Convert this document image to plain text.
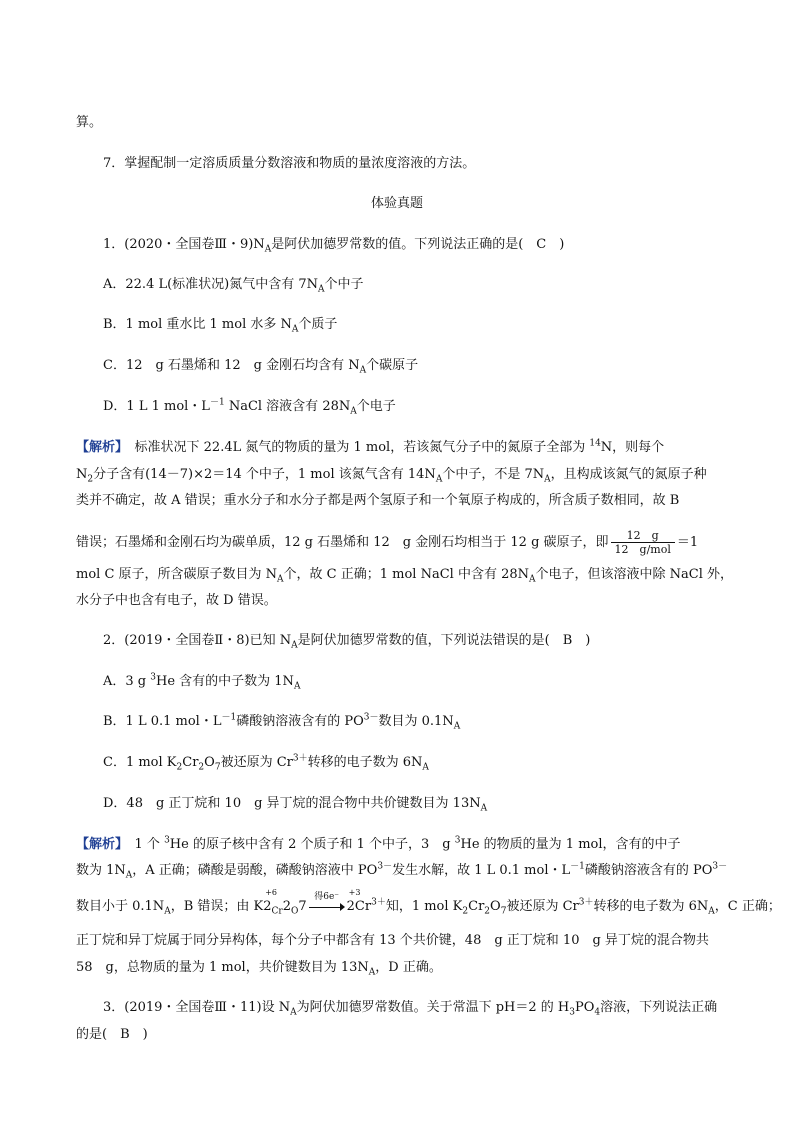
算。
7．掌握配制一定溶质质量分数溶液和物质的量浓度溶液的方法。
体验真题
1．(2020・全国卷Ⅲ・$9)N_A$是阿伏加德罗常数的值。下列说法正确的是(　C　)
A．22.4 L(标准状况)氮气中含有 $7N_A$个中子
B．1 mol 重水比 1 mol 水多 $N_A$个质子
C．12　g 石墨烯和 12　g 金刚石均含有 $N_A$个碳原子
D．1 L 1 mol・$L^{-1}$ NaCl 溶液含有 $28N_A$个电子
【解析】　标准状况下 22.4L 氮气的物质的量为 1 mol，若该氮气分子中的氮原子全部为 $^{14}$N，则每个
$N_2$分子含有(14－7)×2＝14 个中子，1 mol 该氮气含有 $14N_A$个中子，不是 $7N_A$，且构成该氮气的氮原子种
类并不确定，故 A 错误；重水分子和水分子都是两个氢原子和一个氧原子构成的，所含质子数相同，故 B
错误；石墨烯和金刚石均为碳单质，12 g 石墨烯和 12　g 金刚石均相当于 12 g 碳原子，即 $\frac{12 g}{\text{12　g/mol}} =1$
mol C 原子，所含碳原子数目为 $N_A$个，故 C 正确；1 mol NaCl 中含有 $28N_A$个电子，但该溶液中除 NaCl 外，
水分子中也含有电子，故 D 错误。
2．(2019・全国卷Ⅱ・8)已知 $N_A$是阿伏加德罗常数的值，下列说法错误的是(　B　)
A．3 g $^3$He 含有的中子数为 $1N_A$
B．1 L 0.1 mol・$L^{-1}$磷酸钠溶液含有的 $PO^{3-}$数目为 $0.1N_A$
C．1 mol $K_2Cr_2O_7$被还原为 $Cr^{3+}$转移的电子数为 $6N_A$
D．48　g 正丁烷和 10　g 异丁烷的混合物中共价键数目为 $13N_A$
【解析】　1 个 $^3$He 的原子核中含有 2 个质子和 1 个中子，3　g $^3$He 的物质的量为 1 mol，含有的中子
数为 $1N_A$，A 正确；磷酸是弱酸，磷酸钠溶液中 $PO^{3-}$发生水解，故 1 L 0.1 mol・$L^{-1}$磷酸钠溶液含有的 $PO^{3-}$
数目小于 $0.1N_A$，B 错误；由 K
+6
$2_{Cr}2_O7$
得6e⁻	+3
$2Cr^{3+}$知，1 mol $K_2Cr_2O_7$被还原为 $Cr^{3+}$转移的电子数为 $6N_A$，C 正确；
正丁烷和异丁烷属于同分异构体，每个分子中都含有 13 个共价键，48　g 正丁烷和 10　g 异丁烷的混合物共
58　g，总物质的量为 1 mol，共价键数目为 $13N_A$，D 正确。
3．(2019・全国卷Ⅲ・11)设 $N_A$为阿伏加德罗常数值。关于常温下 pH＝2 的 $H_3PO_4$溶液，下列说法正确
的是(　B　)
